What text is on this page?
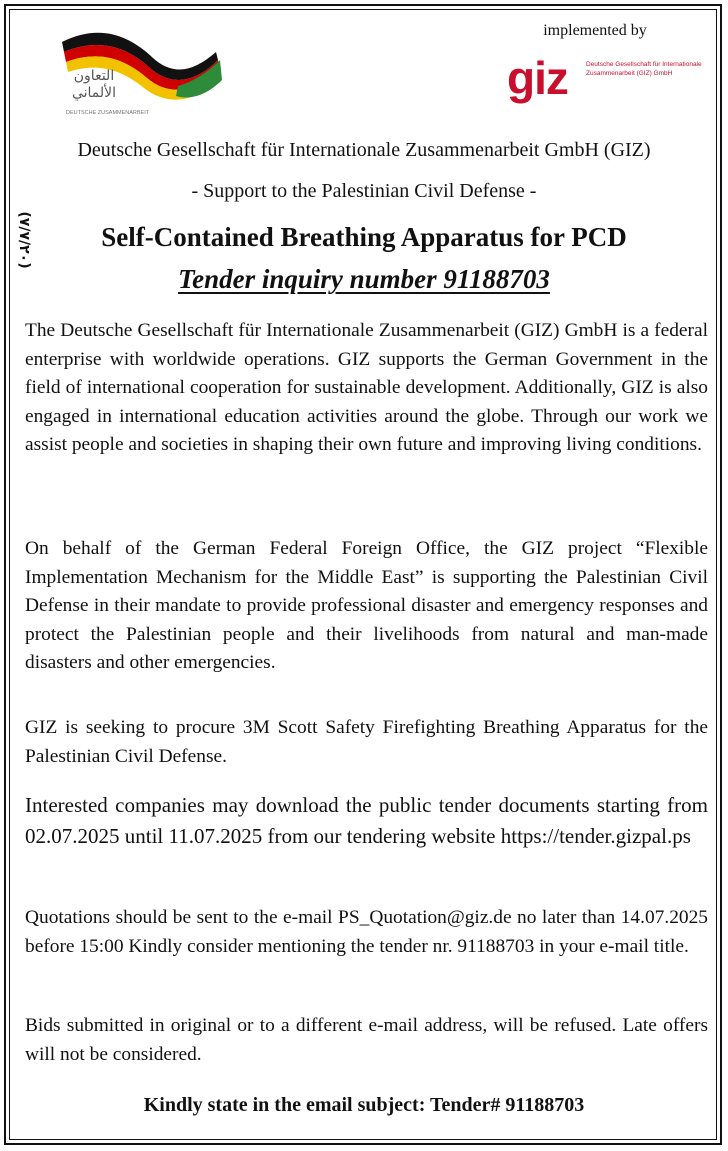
التعاون الألماني
DEUTSCHE ZUSAMMENARBEIT
implemented by
giz	Deutsche Gesellschaft für Internationale Zusammenarbeit (GIZ) GmbH
(٧/٧/٢٠)
Deutsche Gesellschaft für Internationale Zusammenarbeit GmbH (GIZ)
- Support to the Palestinian Civil Defense -
Self-Contained Breathing Apparatus for PCD
Tender inquiry number 91188703
The Deutsche Gesellschaft für Internationale Zusammenarbeit (GIZ) GmbH is a federal enterprise with worldwide operations. GIZ supports the German Government in the field of international cooperation for sustainable development. Additionally, GIZ is also engaged in international education activities around the globe. Through our work we assist people and societies in shaping their own future and improving living conditions.
On behalf of the German Federal Foreign Office, the GIZ project “Flexible Implementation Mechanism for the Middle East” is supporting the Palestinian Civil Defense in their mandate to provide professional disaster and emergency responses and protect the Palestinian people and their livelihoods from natural and man-made disasters and other emergencies.
GIZ is seeking to procure 3M Scott Safety Firefighting Breathing Apparatus for the Palestinian Civil Defense.
Interested companies may download the public tender documents starting from 02.07.2025 until 11.07.2025 from our tendering website https://tender.gizpal.ps
Quotations should be sent to the e-mail PS_Quotation@giz.de no later than 14.07.2025 before 15:00 Kindly consider mentioning the tender nr. 91188703 in your e-mail title.
Bids submitted in original or to a different e-mail address, will be refused. Late offers will not be considered.
Kindly state in the email subject: Tender# 91188703
